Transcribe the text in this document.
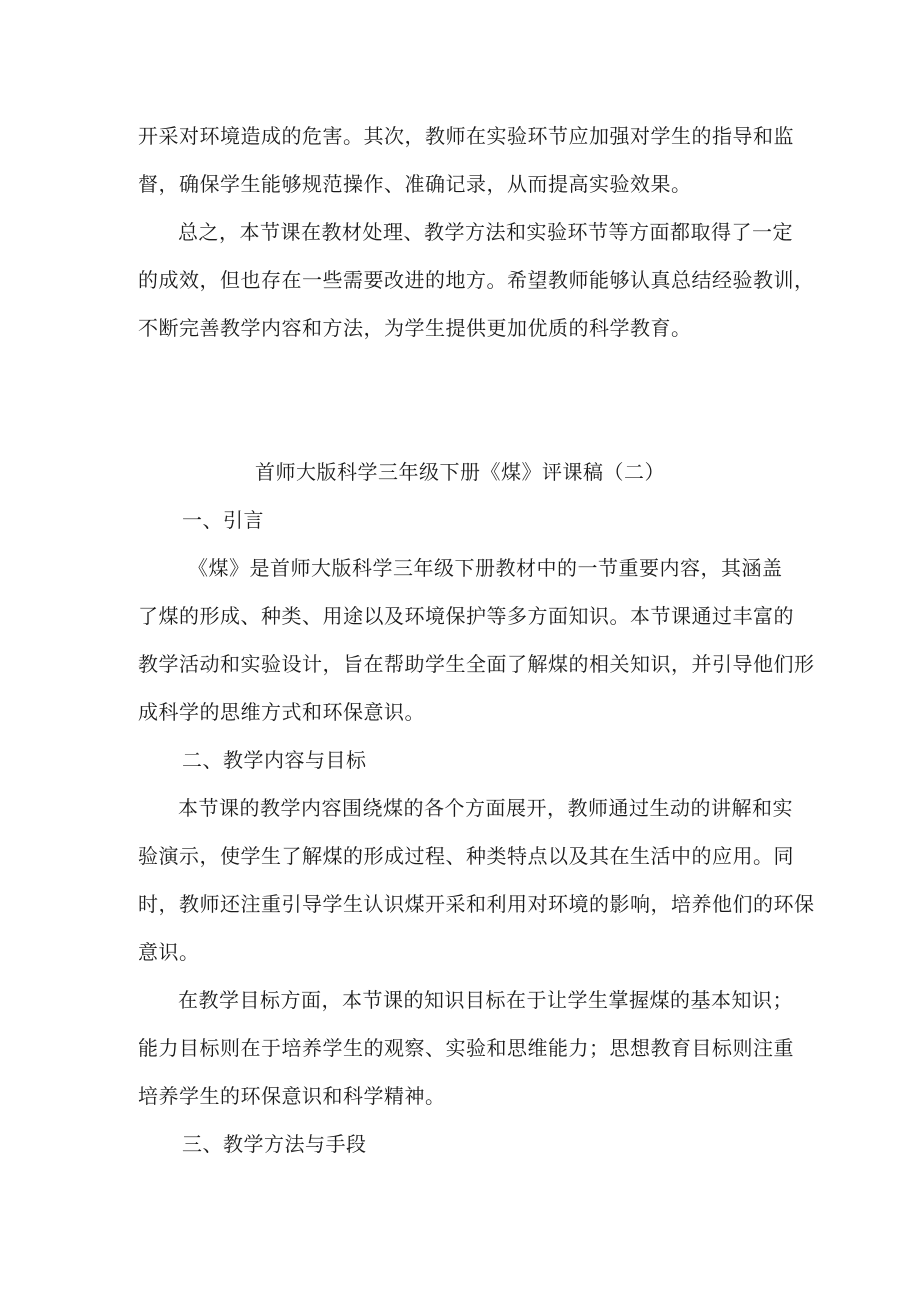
开采对环境造成的危害。其次，教师在实验环节应加强对学生的指导和监
督，确保学生能够规范操作、准确记录，从而提高实验效果。

总之，本节课在教材处理、教学方法和实验环节等方面都取得了一定
的成效，但也存在一些需要改进的地方。希望教师能够认真总结经验教训，
不断完善教学内容和方法，为学生提供更加优质的科学教育。

首师大版科学三年级下册《煤》评课稿（二）
一、引言

《煤》是首师大版科学三年级下册教材中的一节重要内容，其涵盖
了煤的形成、种类、用途以及环境保护等多方面知识。本节课通过丰富的
教学活动和实验设计，旨在帮助学生全面了解煤的相关知识，并引导他们形
成科学的思维方式和环保意识。

二、教学内容与目标

本节课的教学内容围绕煤的各个方面展开，教师通过生动的讲解和实
验演示，使学生了解煤的形成过程、种类特点以及其在生活中的应用。同
时，教师还注重引导学生认识煤开采和利用对环境的影响，培养他们的环保
意识。

在教学目标方面，本节课的知识目标在于让学生掌握煤的基本知识；
能力目标则在于培养学生的观察、实验和思维能力；思想教育目标则注重
培养学生的环保意识和科学精神。

三、教学方法与手段
